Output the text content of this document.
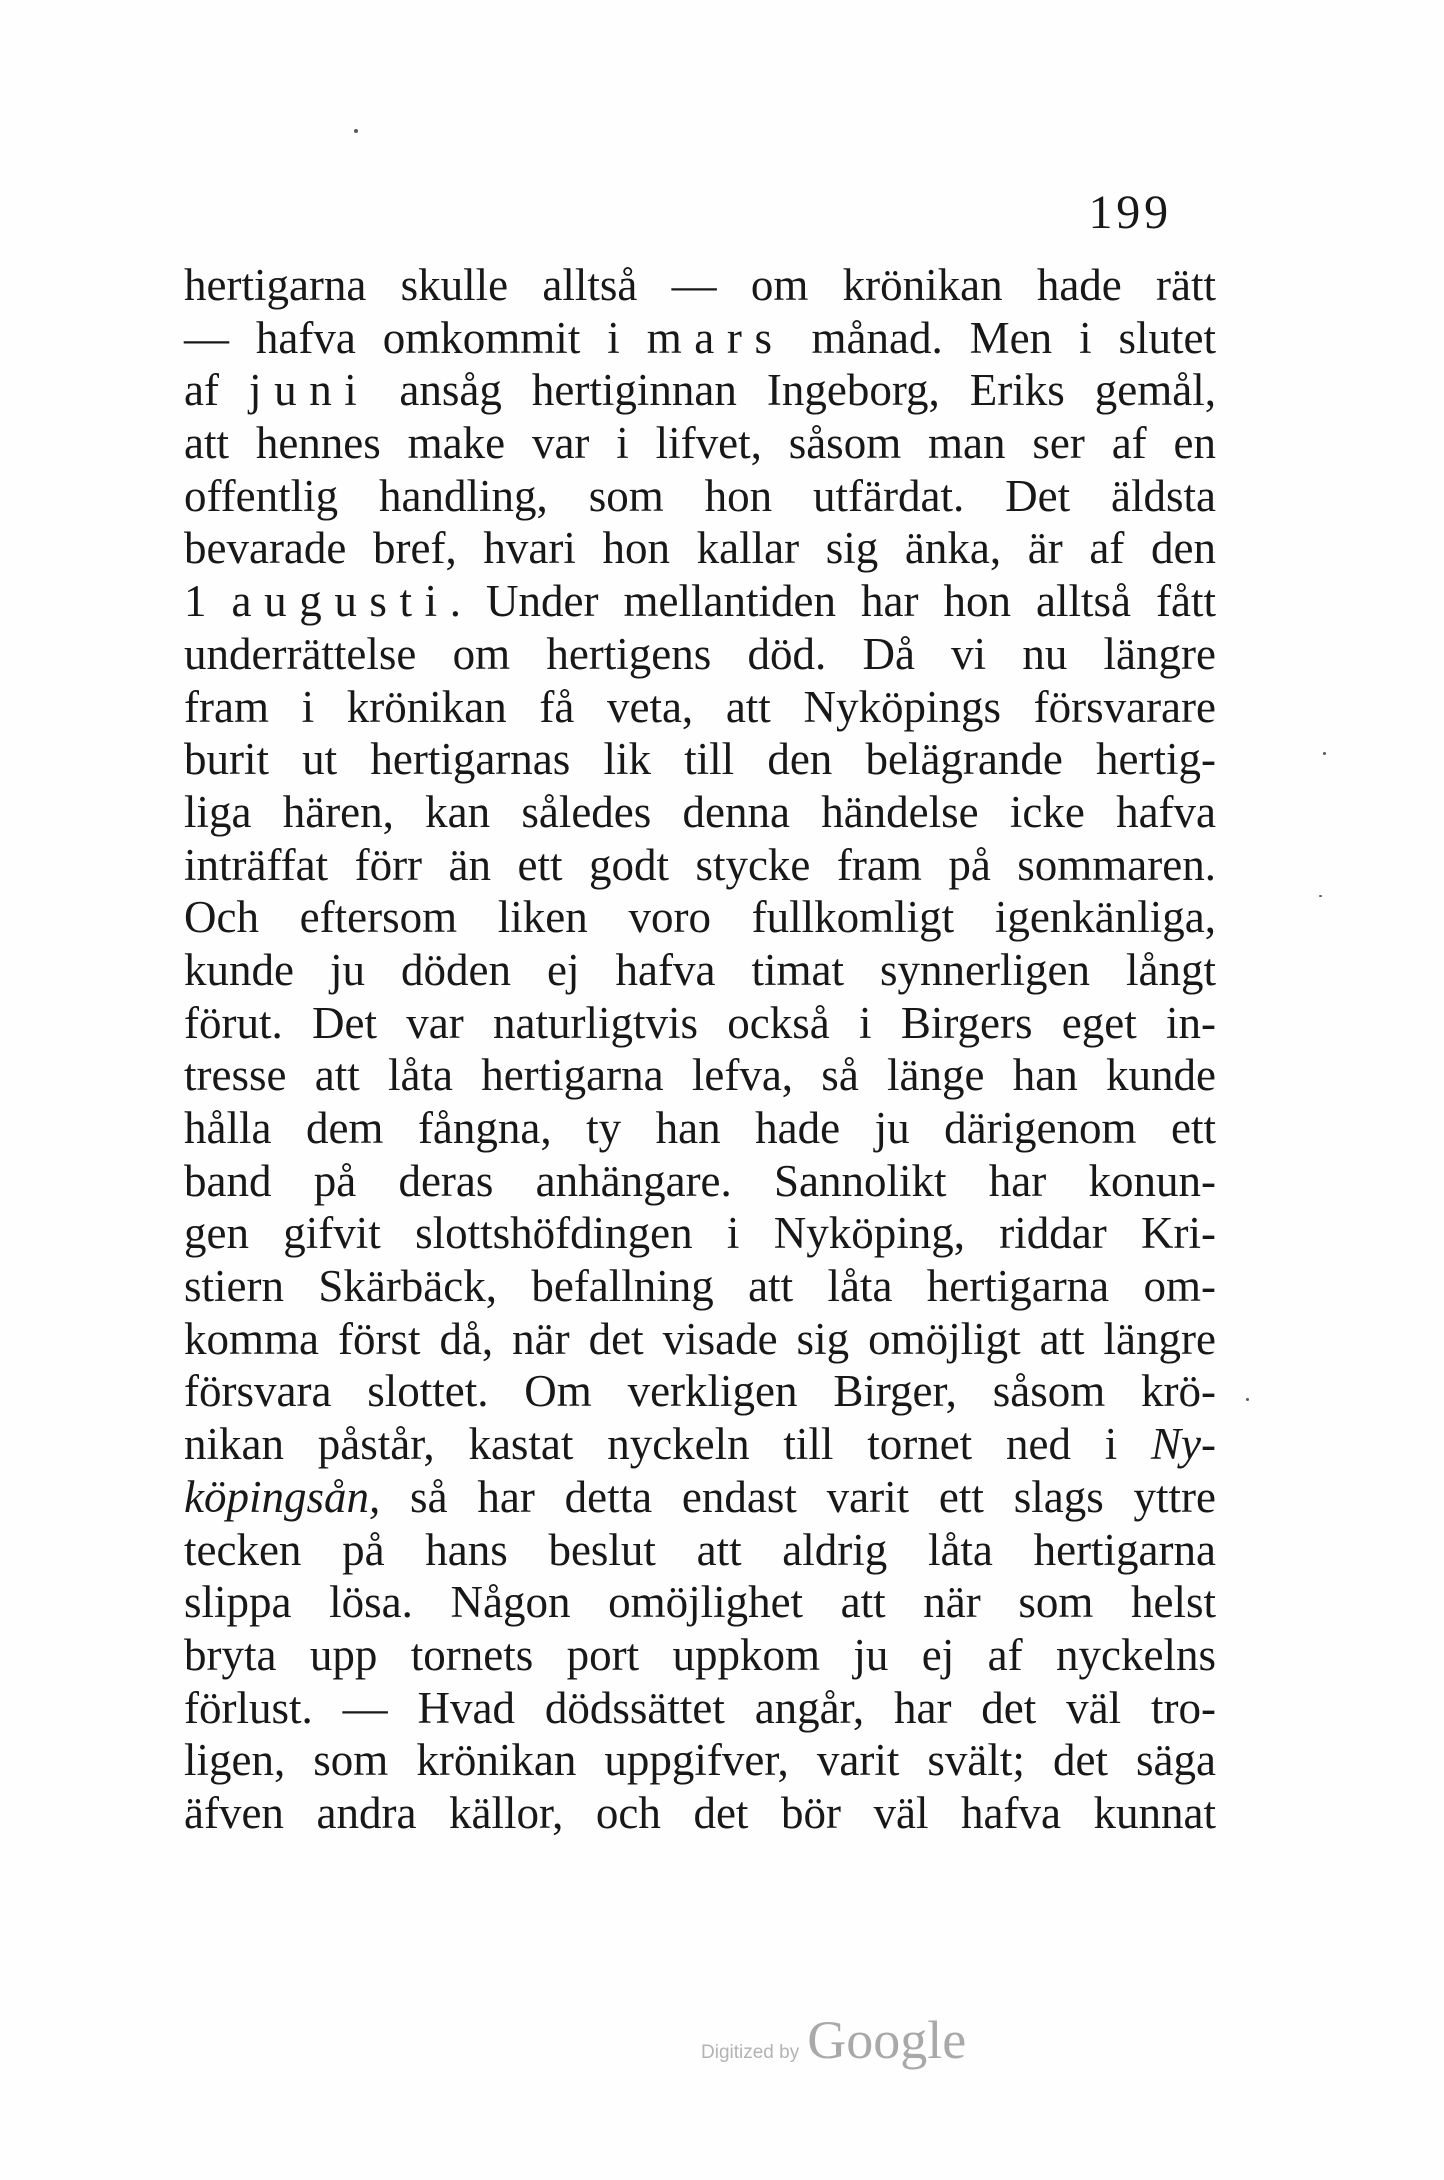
199
hertigarna skulle alltså — om krönikan hade rätt
— hafva omkommit i mars månad. Men i slutet
af juni ansåg hertiginnan Ingeborg, Eriks gemål,
att hennes make var i lifvet, såsom man ser af en
offentlig handling, som hon utfärdat. Det äldsta
bevarade bref, hvari hon kallar sig änka, är af den
1 augusti. Under mellantiden har hon alltså fått
underrättelse om hertigens död. Då vi nu längre
fram i krönikan få veta, att Nyköpings försvarare
burit ut hertigarnas lik till den belägrande hertig-
liga hären, kan således denna händelse icke hafva
inträffat förr än ett godt stycke fram på sommaren.
Och eftersom liken voro fullkomligt igenkänliga,
kunde ju döden ej hafva timat synnerligen långt
förut. Det var naturligtvis också i Birgers eget in-
tresse att låta hertigarna lefva, så länge han kunde
hålla dem fångna, ty han hade ju därigenom ett
band på deras anhängare. Sannolikt har konun-
gen gifvit slottshöfdingen i Nyköping, riddar Kri-
stiern Skärbäck, befallning att låta hertigarna om-
komma först då, när det visade sig omöjligt att längre
försvara slottet. Om verkligen Birger, såsom krö-
nikan påstår, kastat nyckeln till tornet ned i Ny-
köpingsån, så har detta endast varit ett slags yttre
tecken på hans beslut att aldrig låta hertigarna
slippa lösa. Någon omöjlighet att när som helst
bryta upp tornets port uppkom ju ej af nyckelns
förlust. — Hvad dödssättet angår, har det väl tro-
ligen, som krönikan uppgifver, varit svält; det säga
äfven andra källor, och det bör väl hafva kunnat
Digitized by Google
